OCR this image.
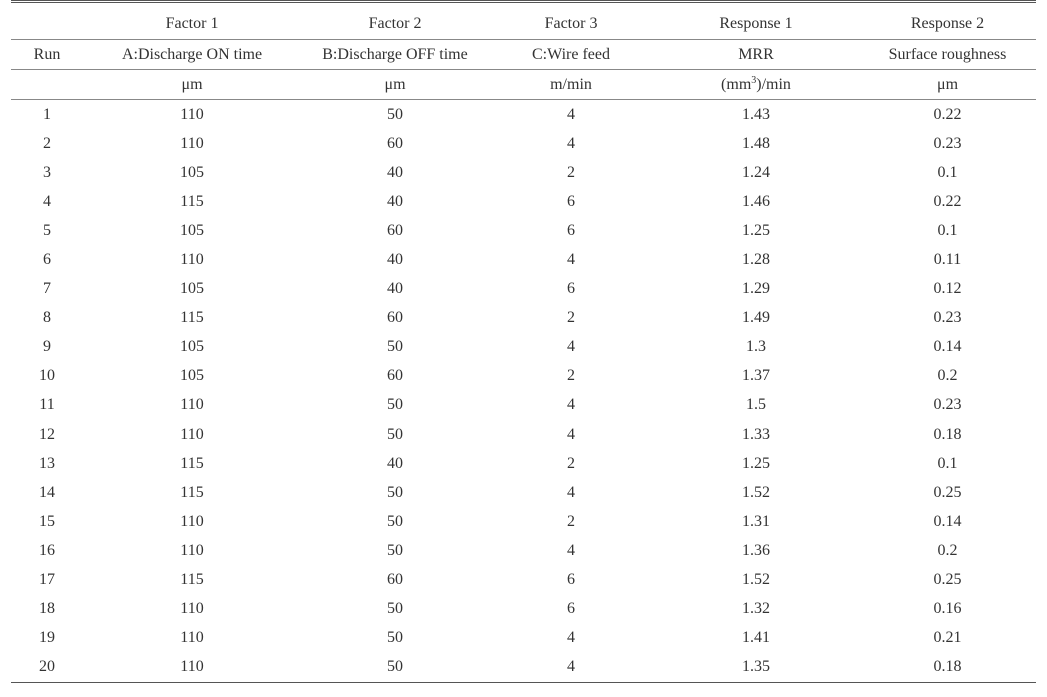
	Factor 1	Factor 2	Factor 3	Response 1	Response 2
Run	A:Discharge ON time	B:Discharge OFF time	C:Wire feed	MRR	Surface roughness
	μm	μm	m/min	$(mm^3)/\min$	μm
1	110	50	4	1.43	0.22
2	110	60	4	1.48	0.23
3	105	40	2	1.24	0.1
4	115	40	6	1.46	0.22
5	105	60	6	1.25	0.1
6	110	40	4	1.28	0.11
7	105	40	6	1.29	0.12
8	115	60	2	1.49	0.23
9	105	50	4	1.3	0.14
10	105	60	2	1.37	0.2
11	110	50	4	1.5	0.23
12	110	50	4	1.33	0.18
13	115	40	2	1.25	0.1
14	115	50	4	1.52	0.25
15	110	50	2	1.31	0.14
16	110	50	4	1.36	0.2
17	115	60	6	1.52	0.25
18	110	50	6	1.32	0.16
19	110	50	4	1.41	0.21
20	110	50	4	1.35	0.18
